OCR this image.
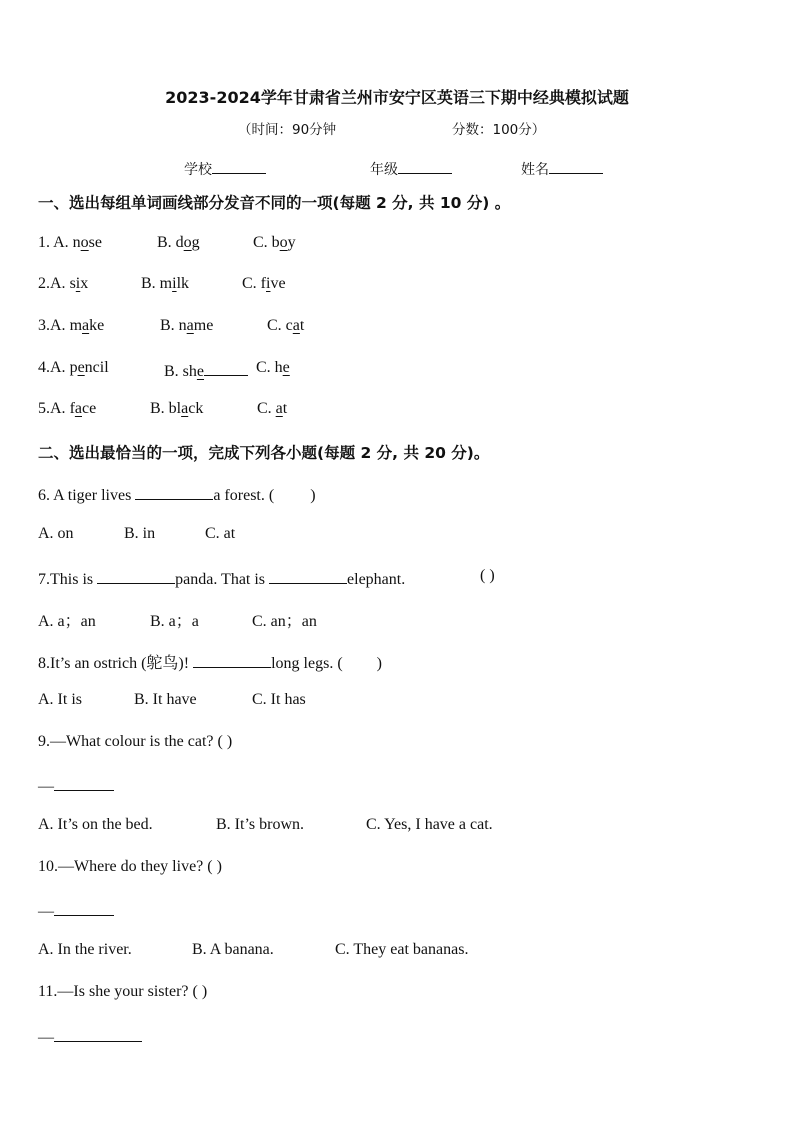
2023-2024学年甘肃省兰州市安宁区英语三下期中经典模拟试题
（时间：90分钟	分数：100分）
学校	年级	姓名
一、选出每组单词画线部分发音不同的一项(每题 2 分, 共 10 分) 。
1. A. nose	B. dog	C. boy
2.A. six	B. milk	C. five
3.A. make	B. name	C. cat
4.A. pencil	B. she	C. he
5.A. face	B. black	C. at
二、选出最恰当的一项，完成下列各小题(每题 2 分, 共 20 分)。
6. A tiger lives	a forest. ( )
A. on	B. in	C. at
7.This is	panda. That is	elephant.	( )
A. a；an	B. a；a	C. an；an
8.It’s an ostrich (鸵鸟)!	long legs. ( )
A. It is	B. It have	C. It has
9.—What colour is the cat? ( )
—
A. It’s on the bed.	B. It’s brown.	C. Yes, I have a cat.
10.—Where do they live? ( )
—
A. In the river.	B. A banana.	C. They eat bananas.
11.—Is she your sister? ( )
—
